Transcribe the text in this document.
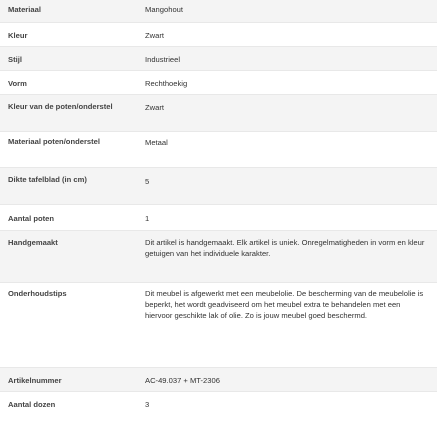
Materiaal	Mangohout
Kleur	Zwart
Stijl	Industrieel
Vorm	Rechthoekig
Kleur van de poten/onderstel	Zwart
Materiaal poten/onderstel	Metaal
Dikte tafelblad (in cm)	5
Aantal poten	1
Handgemaakt	Dit artikel is handgemaakt. Elk artikel is uniek. Onregelmatigheden in vorm en kleur getuigen van het individuele karakter.
Onderhoudstips	Dit meubel is afgewerkt met een meubelolie. De bescherming van de meubelolie is beperkt, het wordt geadviseerd om het meubel extra te behandelen met een hiervoor geschikte lak of olie. Zo is jouw meubel goed beschermd.
Artikelnummer	AC-49.037 + MT-2306
Aantal dozen	3
